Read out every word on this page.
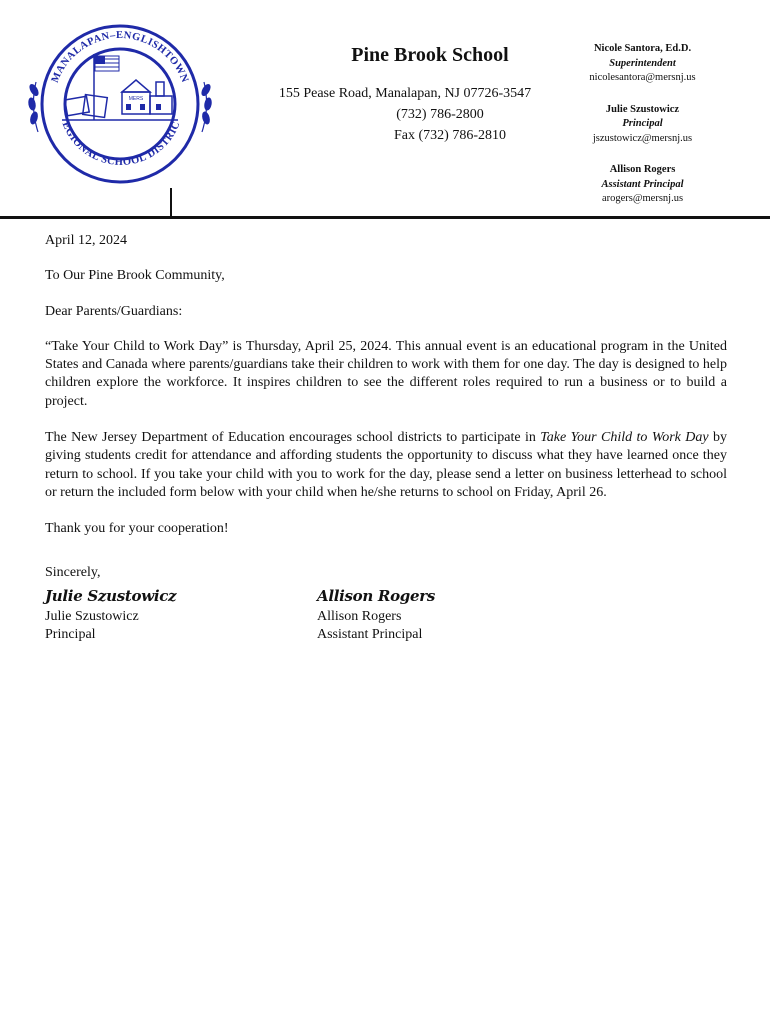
MANALAPAN–ENGLISHTOWN
EGIONAL SCHOOL DISTRIC
MERS
Pine Brook School
155 Pease Road, Manalapan, NJ 07726-3547
(732) 786-2800
Fax (732) 786-2810
Nicole Santora, Ed.D.
Superintendent
nicolesantora@mersnj.us
Julie Szustowicz
Principal
jszustowicz@mersnj.us
Allison Rogers
Assistant Principal
arogers@mersnj.us

April 12, 2024

To Our Pine Brook Community,

Dear Parents/Guardians:

“Take Your Child to Work Day” is Thursday, April 25, 2024. This annual event is an educational program in the United States and Canada where parents/guardians take their children to work with them for one day. The day is designed to help children explore the workforce. It inspires children to see the different roles required to run a business or to build a project.

The New Jersey Department of Education encourages school districts to participate in Take Your Child to Work Day by giving students credit for attendance and affording students the opportunity to discuss what they have learned once they return to school. If you take your child with you to work for the day, please send a letter on business letterhead to school or return the included form below with your child when he/she returns to school on Friday, April 26.

Thank you for your cooperation!

Sincerely,

Julie Szustowicz
Julie Szustowicz
Principal
Allison Rogers
Allison Rogers
Assistant Principal
